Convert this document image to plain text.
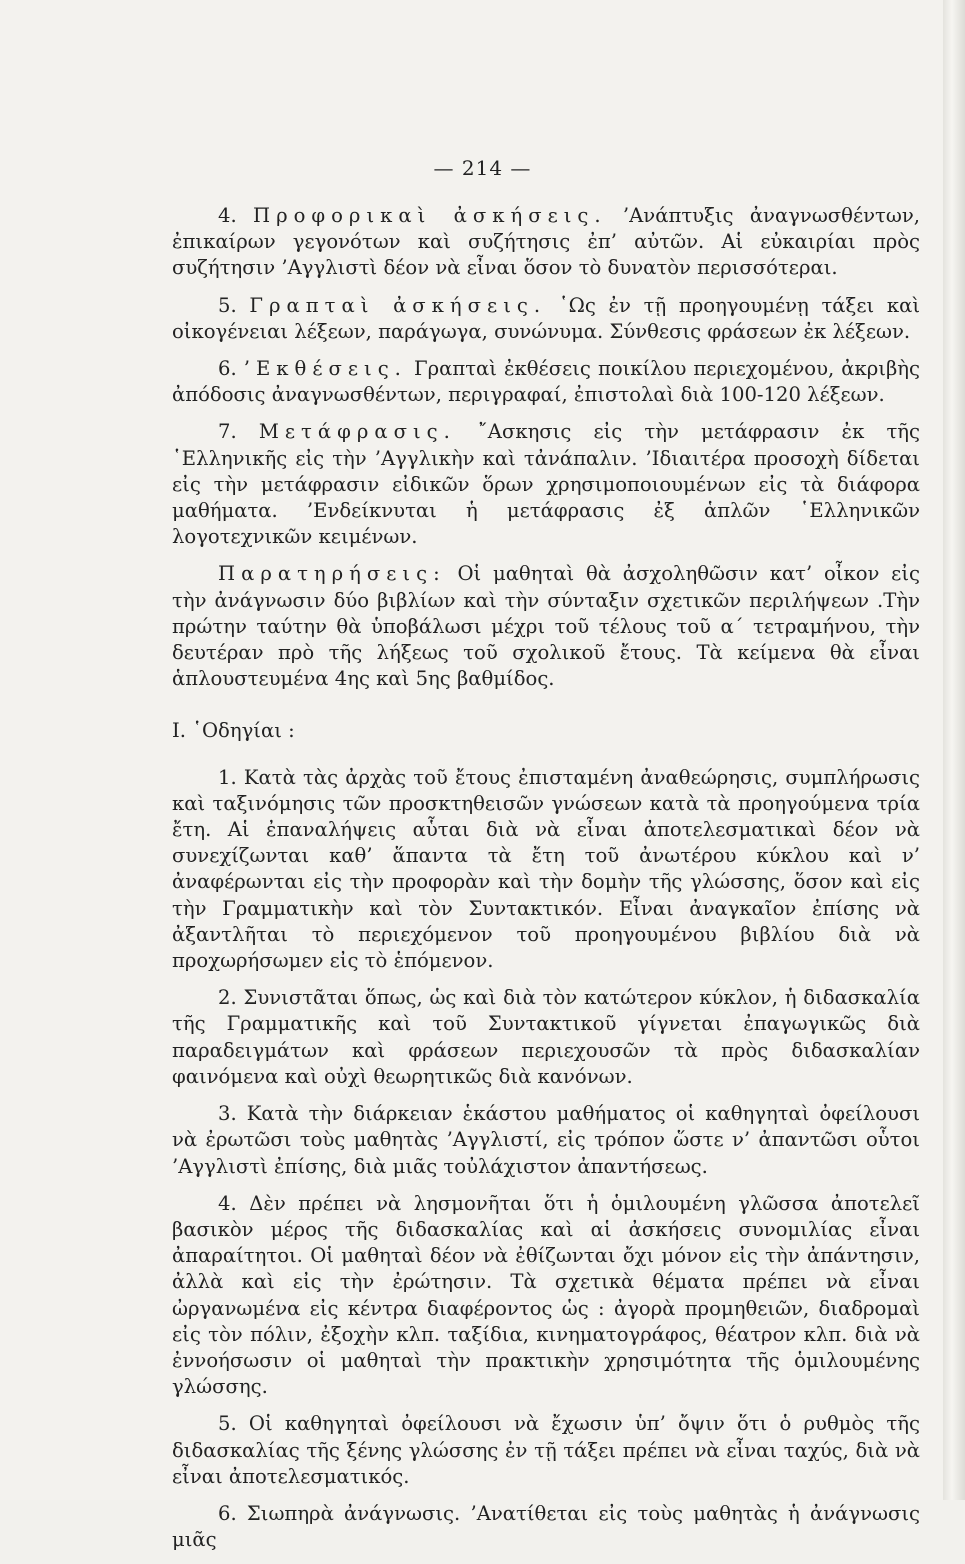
— 214 —

4. Προφορικαὶ ἀσκήσεις. ’Ανάπτυξις ἀναγνωσθέντων, ἐπικαίρων γεγονότων καὶ συζήτησις ἐπ’ αὐτῶν. Αἱ εὐκαιρίαι πρὸς συζήτησιν ’Αγγλιστὶ δέον νὰ εἶναι ὅσον τὸ δυνατὸν περισσότεραι.

5. Γραπταὶ ἀσκήσεις. ῾Ως ἐν τῇ προηγουμένῃ τάξει καὶ οἰκογένειαι λέξεων, παράγωγα, συνώνυμα. Σύνθεσις φράσεων ἐκ λέξεων.

6. ’Εκθέσεις. Γραπταὶ ἐκθέσεις ποικίλου περιεχομένου, ἀκριβὴς ἀπόδοσις ἀναγνωσθέντων, περιγραφαί, ἐπιστολαὶ διὰ 100-120 λέξεων.

7. Μετάφρασις. ῎Ασκησις εἰς τὴν μετάφρασιν ἐκ τῆς ῾Ελληνικῆς εἰς τὴν ’Αγγλικὴν καὶ τἀνάπαλιν. ’Ιδιαιτέρα προσοχὴ δίδεται εἰς τὴν μετάφρασιν εἰδικῶν ὅρων χρησιμοποιουμένων εἰς τὰ διάφορα μαθήματα. ’Ενδείκνυται ἡ μετάφρασις ἐξ ἁπλῶν ῾Ελληνικῶν λογοτεχνικῶν κειμένων.

Παρατηρήσεις: Οἱ μαθηταὶ θὰ ἀσχοληθῶσιν κατ’ οἶκον εἰς τὴν ἀνάγνωσιν δύο βιβλίων καὶ τὴν σύνταξιν σχετικῶν περιλήψεων .Τὴν πρώτην ταύτην θὰ ὑποβάλωσι μέχρι τοῦ τέλους τοῦ α΄ τετραμήνου, τὴν δευτέραν πρὸ τῆς λήξεως τοῦ σχολικοῦ ἔτους. Τὰ κείμενα θὰ εἶναι ἁπλουστευμένα 4ης καὶ 5ης βαθμίδος.

Ι. ῾Οδηγίαι :

1. Κατὰ τὰς ἀρχὰς τοῦ ἔτους ἐπισταμένη ἀναθεώρησις, συμπλήρωσις καὶ ταξινόμησις τῶν προσκτηθεισῶν γνώσεων κατὰ τὰ προηγούμενα τρία ἔτη. Αἱ ἐπαναλήψεις αὗται διὰ νὰ εἶναι ἀποτελεσματικαὶ δέον νὰ συνεχίζωνται καθ’ ἅπαντα τὰ ἔτη τοῦ ἀνωτέρου κύκλου καὶ ν’ ἀναφέρωνται εἰς τὴν προφορὰν καὶ τὴν δομὴν τῆς γλώσσης, ὅσον καὶ εἰς τὴν Γραμματικὴν καὶ τὸν Συντακτικόν. Εἶναι ἀναγκαῖον ἐπίσης νὰ ἀξαντλῆται τὸ περιεχόμενον τοῦ προηγουμένου βιβλίου διὰ νὰ προχωρήσωμεν εἰς τὸ ἑπόμενον.

2. Συνιστᾶται ὅπως, ὡς καὶ διὰ τὸν κατώτερον κύκλον, ἡ διδασκαλία τῆς Γραμματικῆς καὶ τοῦ Συντακτικοῦ γίγνεται ἐπαγωγικῶς διὰ παραδειγμάτων καὶ φράσεων περιεχουσῶν τὰ πρὸς διδασκαλίαν φαινόμενα καὶ οὐχὶ θεωρητικῶς διὰ κανόνων.

3. Κατὰ τὴν διάρκειαν ἑκάστου μαθήματος οἱ καθηγηταὶ ὀφείλουσι νὰ ἐρωτῶσι τοὺς μαθητὰς ’Αγγλιστί, εἰς τρόπον ὥστε ν’ ἀπαντῶσι οὗτοι ’Αγγλιστὶ ἐπίσης, διὰ μιᾶς τοὐλάχιστον ἀπαντήσεως.

4. Δὲν πρέπει νὰ λησμονῆται ὅτι ἡ ὁμιλουμένη γλῶσσα ἀποτελεῖ βασικὸν μέρος τῆς διδασκαλίας καὶ αἱ ἀσκήσεις συνομιλίας εἶναι ἀπαραίτητοι. Οἱ μαθηταὶ δέον νὰ ἐθίζωνται ὄχι μόνον εἰς τὴν ἀπάντησιν, ἀλλὰ καὶ εἰς τὴν ἐρώτησιν. Τὰ σχετικὰ θέματα πρέπει νὰ εἶναι ὠργανωμένα εἰς κέντρα διαφέροντος ὡς : ἀγορὰ προμηθειῶν, διαδρομαὶ εἰς τὸν πόλιν, ἐξοχὴν κλπ. ταξίδια, κινηματογράφος, θέατρον κλπ. διὰ νὰ ἐννοήσωσιν οἱ μαθηταὶ τὴν πρακτικὴν χρησιμότητα τῆς ὁμιλουμένης γλώσσης.

5. Οἱ καθηγηταὶ ὀφείλουσι νὰ ἔχωσιν ὑπ’ ὄψιν ὅτι ὁ ρυθμὸς τῆς διδασκαλίας τῆς ξένης γλώσσης ἐν τῇ τάξει πρέπει νὰ εἶναι ταχύς, διὰ νὰ εἶναι ἀποτελεσματικός.

6. Σιωπηρὰ ἀνάγνωσις. ’Ανατίθεται εἰς τοὺς μαθητὰς ἡ ἀνάγνωσις μιᾶς
